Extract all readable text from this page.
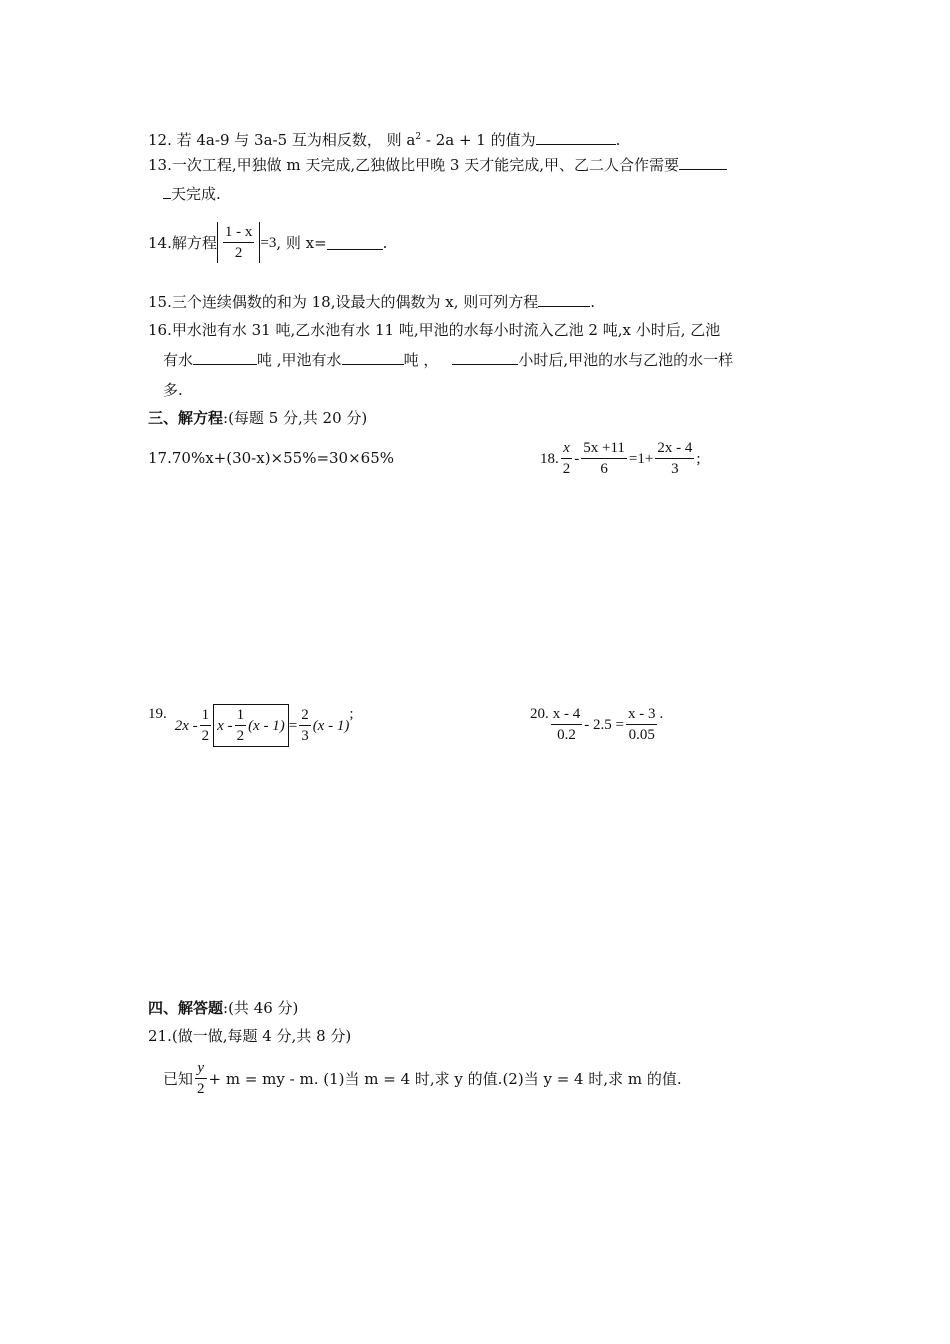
12. 若 4a-9 与 3a-5 互为相反数， 则 $a^2 - 2a + 1$ 的值为	.
13.一次工程,甲独做 m 天完成,乙独做比甲晚 3 天才能完成,甲、乙二人合作需要
天完成.
14.解方程 $\frac{1 - x}{2} =3$ , 则 x=	.
15.三个连续偶数的和为 18,设最大的偶数为 x, 则可列方程	.
16.甲水池有水 31 吨,乙水池有水 11 吨,甲池的水每小时流入乙池 2 吨,x 小时后, 乙池
有水	吨 ,甲池有水	吨 ，	小时后,甲池的水与乙池的水一样
多.
三、解方程:(每题 5 分,共 20 分)
17.70%x+(30-x)×55%=30×65%	18. $\frac{x}{2} - \frac{5x +11}{6} =1+ \frac{2x - 4}{3}$ ;
19.
$2x - \frac{1}{2}$ $x - \frac{1}{2} (x - 1) = \frac{2}{3} (x - 1)$
;	20. $\frac{x - 4}{0.2} - 2.5 = \frac{x - 3}{0.05}$ .
四、解答题:(共 46 分)
21.(做一做,每题 4 分,共 8 分)
已知 $\frac{y}{2} + m$ = my - m. (1)当 m = 4 时,求 y 的值.(2)当 y = 4 时,求 m 的值.
